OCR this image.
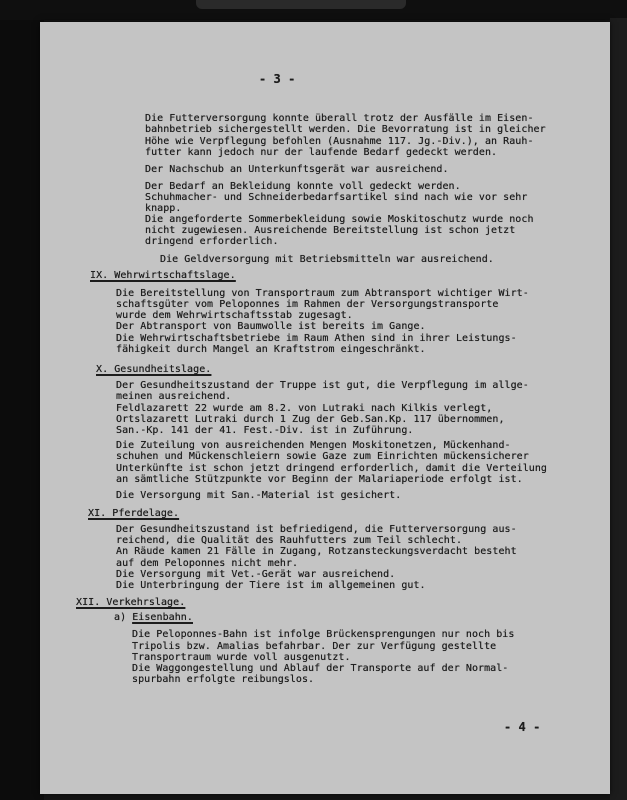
- 3 -
Die Futterversorgung konnte überall trotz der Ausfälle im Eisen-
bahnbetrieb sichergestellt werden. Die Bevorratung ist in gleicher
Höhe wie Verpflegung befohlen (Ausnahme 117. Jg.-Div.), an Rauh-
futter kann jedoch nur der laufende Bedarf gedeckt werden.
Der Nachschub an Unterkunftsgerät war ausreichend.
Der Bedarf an Bekleidung konnte voll gedeckt werden.
Schuhmacher- und Schneiderbedarfsartikel sind nach wie vor sehr
knapp.
Die angeforderte Sommerbekleidung sowie Moskitoschutz wurde noch
nicht zugewiesen. Ausreichende Bereitstellung ist schon jetzt
dringend erforderlich.
Die Geldversorgung mit Betriebsmitteln war ausreichend.
IX. Wehrwirtschaftslage.
Die Bereitstellung von Transportraum zum Abtransport wichtiger Wirt-
schaftsgüter vom Peloponnes im Rahmen der Versorgungstransporte
wurde dem Wehrwirtschaftsstab zugesagt.
Der Abtransport von Baumwolle ist bereits im Gange.
Die Wehrwirtschaftsbetriebe im Raum Athen sind in ihrer Leistungs-
fähigkeit durch Mangel an Kraftstrom eingeschränkt.
X. Gesundheitslage.
Der Gesundheitszustand der Truppe ist gut, die Verpflegung im allge-
meinen ausreichend.
Feldlazarett 22 wurde am 8.2. von Lutraki nach Kilkis verlegt,
Ortslazarett Lutraki durch 1 Zug der Geb.San.Kp. 117 übernommen,
San.-Kp. 141 der 41. Fest.-Div. ist in Zuführung.
Die Zuteilung von ausreichenden Mengen Moskitonetzen, Mückenhand-
schuhen und Mückenschleiern sowie Gaze zum Einrichten mückensicherer
Unterkünfte ist schon jetzt dringend erforderlich, damit die Verteilung
an sämtliche Stützpunkte vor Beginn der Malariaperiode erfolgt ist.
Die Versorgung mit San.-Material ist gesichert.
XI. Pferdelage.
Der Gesundheitszustand ist befriedigend, die Futterversorgung aus-
reichend, die Qualität des Rauhfutters zum Teil schlecht.
An Räude kamen 21 Fälle in Zugang, Rotzansteckungsverdacht besteht
auf dem Peloponnes nicht mehr.
Die Versorgung mit Vet.-Gerät war ausreichend.
Die Unterbringung der Tiere ist im allgemeinen gut.
XII. Verkehrslage.
a) Eisenbahn.
Die Peloponnes-Bahn ist infolge Brückensprengungen nur noch bis
Tripolis bzw. Amalias befahrbar. Der zur Verfügung gestellte
Transportraum wurde voll ausgenutzt.
Die Waggongestellung und Ablauf der Transporte auf der Normal-
spurbahn erfolgte reibungslos.
- 4 -
